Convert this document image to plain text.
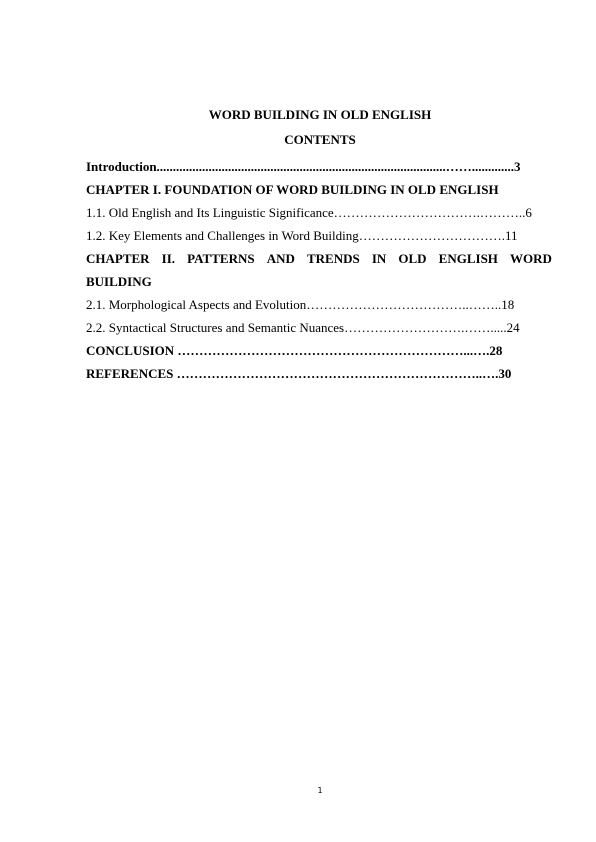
WORD BUILDING IN OLD ENGLISH
CONTENTS
Introduction.........................................................................................…….............3
CHAPTER I. FOUNDATION OF WORD BUILDING IN OLD ENGLISH
1.1. Old English and Its Linguistic Significance…………………………….………..6
1.2. Key Elements and Challenges in Word Building…………………………….11
CHAPTER II. PATTERNS AND TRENDS IN OLD ENGLISH WORD
BUILDING
2.1. Morphological Aspects and Evolution………………………………..……..18
2.2. Syntactical Structures and Semantic Nuances……………………….…….....24
CONCLUSION …………………………………………………………...….28
REFERENCES ……………………………………………………………..….30
1
